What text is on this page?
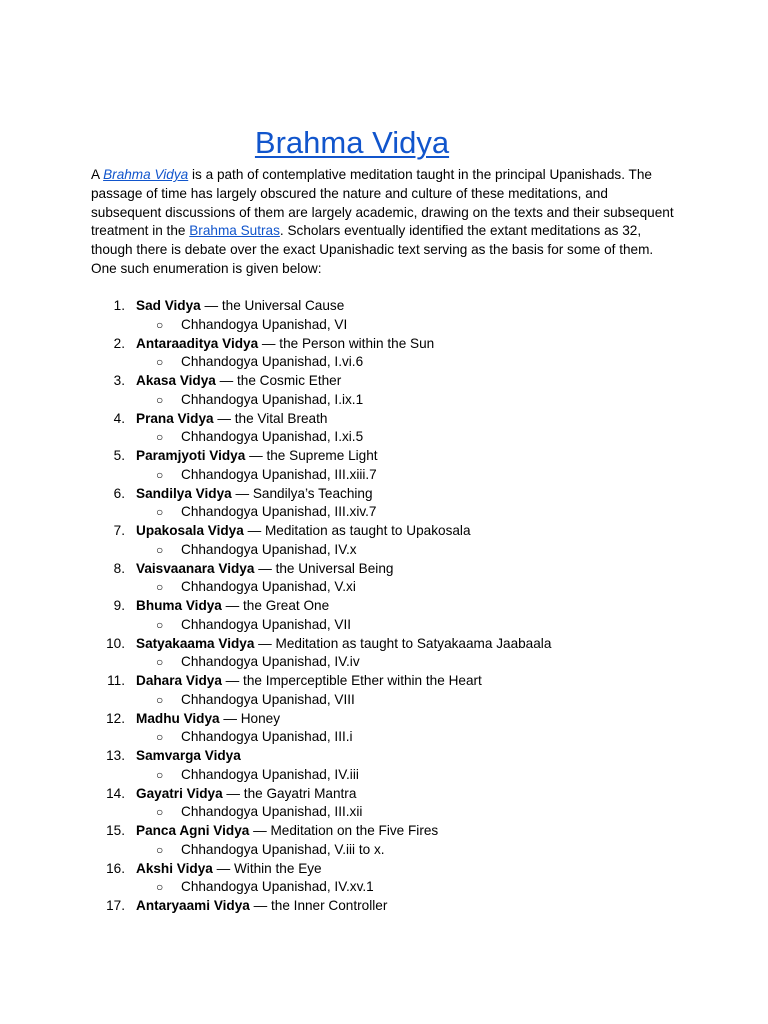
Brahma Vidya

A Brahma Vidya is a path of contemplative meditation taught in the principal Upanishads. The passage of time has largely obscured the nature and culture of these meditations, and subsequent discussions of them are largely academic, drawing on the texts and their subsequent treatment in the Brahma Sutras. Scholars eventually identified the extant meditations as 32, though there is debate over the exact Upanishadic text serving as the basis for some of them.

One such enumeration is given below:

1. Sad Vidya — the Universal Cause
○ Chhandogya Upanishad, VI
2. Antaraaditya Vidya — the Person within the Sun
○ Chhandogya Upanishad, I.vi.6
3. Akasa Vidya — the Cosmic Ether
○ Chhandogya Upanishad, I.ix.1
4. Prana Vidya — the Vital Breath
○ Chhandogya Upanishad, I.xi.5
5. Paramjyoti Vidya — the Supreme Light
○ Chhandogya Upanishad, III.xiii.7
6. Sandilya Vidya — Sandilya’s Teaching
○ Chhandogya Upanishad, III.xiv.7
7. Upakosala Vidya — Meditation as taught to Upakosala
○ Chhandogya Upanishad, IV.x
8. Vaisvaanara Vidya — the Universal Being
○ Chhandogya Upanishad, V.xi
9. Bhuma Vidya — the Great One
○ Chhandogya Upanishad, VII
10. Satyakaama Vidya — Meditation as taught to Satyakaama Jaabaala
○ Chhandogya Upanishad, IV.iv
11. Dahara Vidya — the Imperceptible Ether within the Heart
○ Chhandogya Upanishad, VIII
12. Madhu Vidya — Honey
○ Chhandogya Upanishad, III.i
13. Samvarga Vidya
○ Chhandogya Upanishad, IV.iii
14. Gayatri Vidya — the Gayatri Mantra
○ Chhandogya Upanishad, III.xii
15. Panca Agni Vidya — Meditation on the Five Fires
○ Chhandogya Upanishad, V.iii to x.
16. Akshi Vidya — Within the Eye
○ Chhandogya Upanishad, IV.xv.1
17. Antaryaami Vidya — the Inner Controller
